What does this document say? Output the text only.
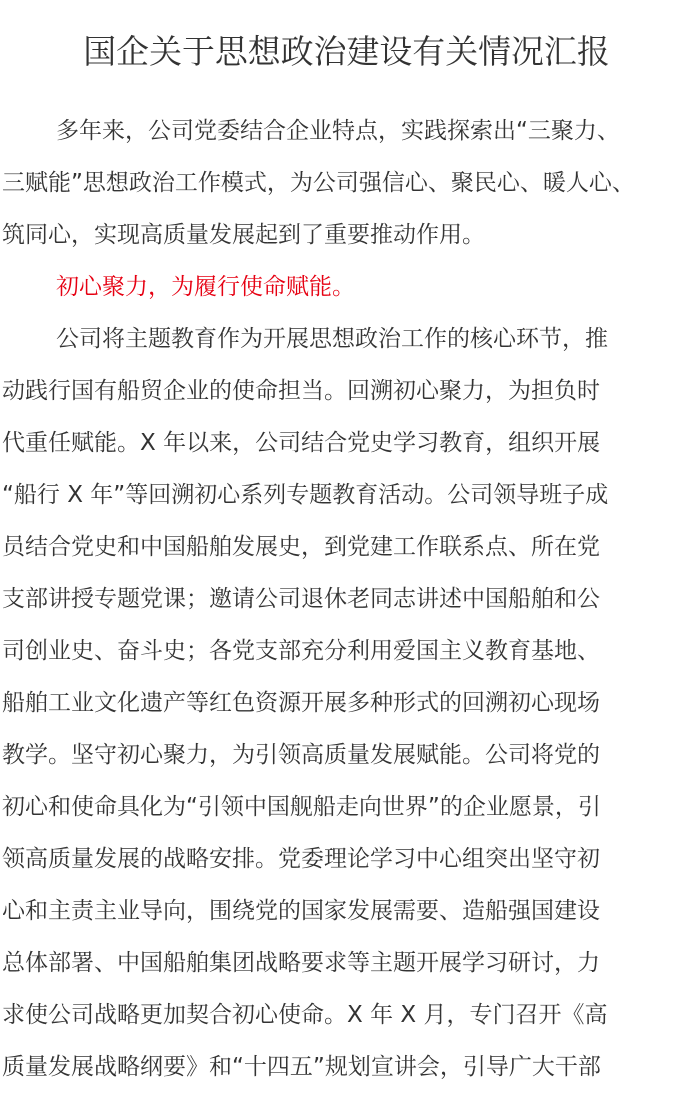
国企关于思想政治建设有关情况汇报
多年来，公司党委结合企业特点，实践探索出“三聚力、
三赋能”思想政治工作模式，为公司强信心、聚民心、暖人心、
筑同心，实现高质量发展起到了重要推动作用。
初心聚力，为履行使命赋能。
公司将主题教育作为开展思想政治工作的核心环节，推
动践行国有船贸企业的使命担当。回溯初心聚力，为担负时
代重任赋能。X 年以来，公司结合党史学习教育，组织开展
“船行 X 年”等回溯初心系列专题教育活动。公司领导班子成
员结合党史和中国船舶发展史，到党建工作联系点、所在党
支部讲授专题党课；邀请公司退休老同志讲述中国船舶和公
司创业史、奋斗史；各党支部充分利用爱国主义教育基地、
船舶工业文化遗产等红色资源开展多种形式的回溯初心现场
教学。坚守初心聚力，为引领高质量发展赋能。公司将党的
初心和使命具化为“引领中国舰船走向世界”的企业愿景，引
领高质量发展的战略安排。党委理论学习中心组突出坚守初
心和主责主业导向，围绕党的国家发展需要、造船强国建设
总体部署、中国船舶集团战略要求等主题开展学习研讨，力
求使公司战略更加契合初心使命。X 年 X 月，专门召开《高
质量发展战略纲要》和“十四五”规划宣讲会，引导广大干部
